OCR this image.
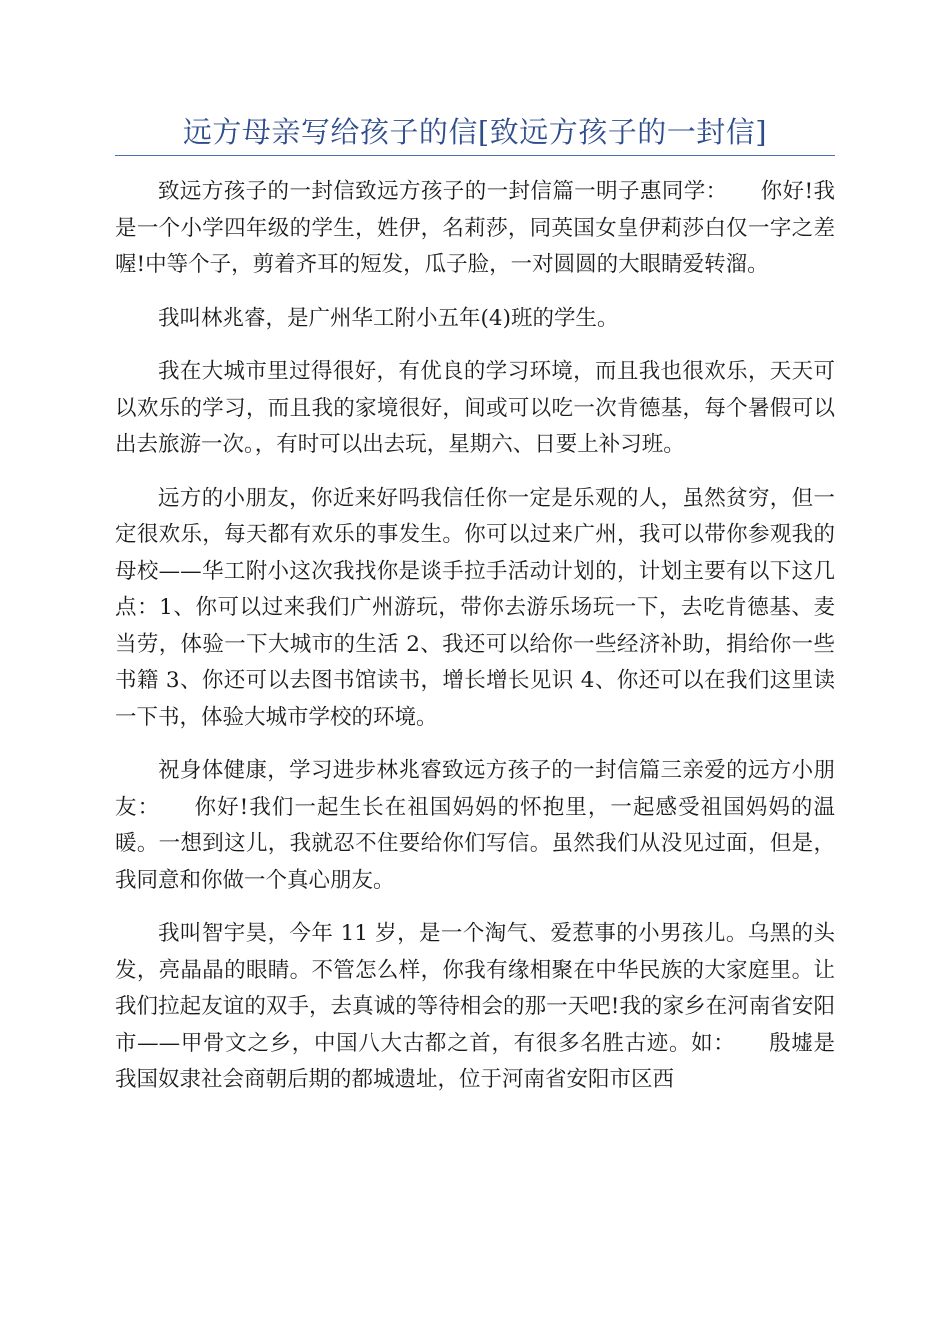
远方母亲写给孩子的信[致远方孩子的一封信]

致远方孩子的一封信致远方孩子的一封信篇一明子惠同学：　　你好!我是一个小学四年级的学生，姓伊，名莉莎，同英国女皇伊莉莎白仅一字之差喔!中等个子，剪着齐耳的短发，瓜子脸，一对圆圆的大眼睛爱转溜。

我叫林兆睿，是广州华工附小五年(4)班的学生。

我在大城市里过得很好，有优良的学习环境，而且我也很欢乐，天天可以欢乐的学习，而且我的家境很好，间或可以吃一次肯德基，每个暑假可以出去旅游一次。，有时可以出去玩，星期六、日要上补习班。

远方的小朋友，你近来好吗我信任你一定是乐观的人，虽然贫穷，但一定很欢乐，每天都有欢乐的事发生。你可以过来广州，我可以带你参观我的母校——华工附小这次我找你是谈手拉手活动计划的，计划主要有以下这几点：1、你可以过来我们广州游玩，带你去游乐场玩一下，去吃肯德基、麦当劳，体验一下大城市的生活 2、我还可以给你一些经济补助，捐给你一些书籍 3、你还可以去图书馆读书，增长增长见识 4、你还可以在我们这里读一下书，体验大城市学校的环境。

祝身体健康，学习进步林兆睿致远方孩子的一封信篇三亲爱的远方小朋友：　　你好!我们一起生长在祖国妈妈的怀抱里，一起感受祖国妈妈的温暖。一想到这儿，我就忍不住要给你们写信。虽然我们从没见过面，但是，我同意和你做一个真心朋友。

我叫智宇昊，今年 11 岁，是一个淘气、爱惹事的小男孩儿。乌黑的头发，亮晶晶的眼睛。不管怎么样，你我有缘相聚在中华民族的大家庭里。让我们拉起友谊的双手，去真诚的等待相会的那一天吧!我的家乡在河南省安阳市——甲骨文之乡，中国八大古都之首，有很多名胜古迹。如：　　殷墟是我国奴隶社会商朝后期的都城遗址，位于河南省安阳市区西
